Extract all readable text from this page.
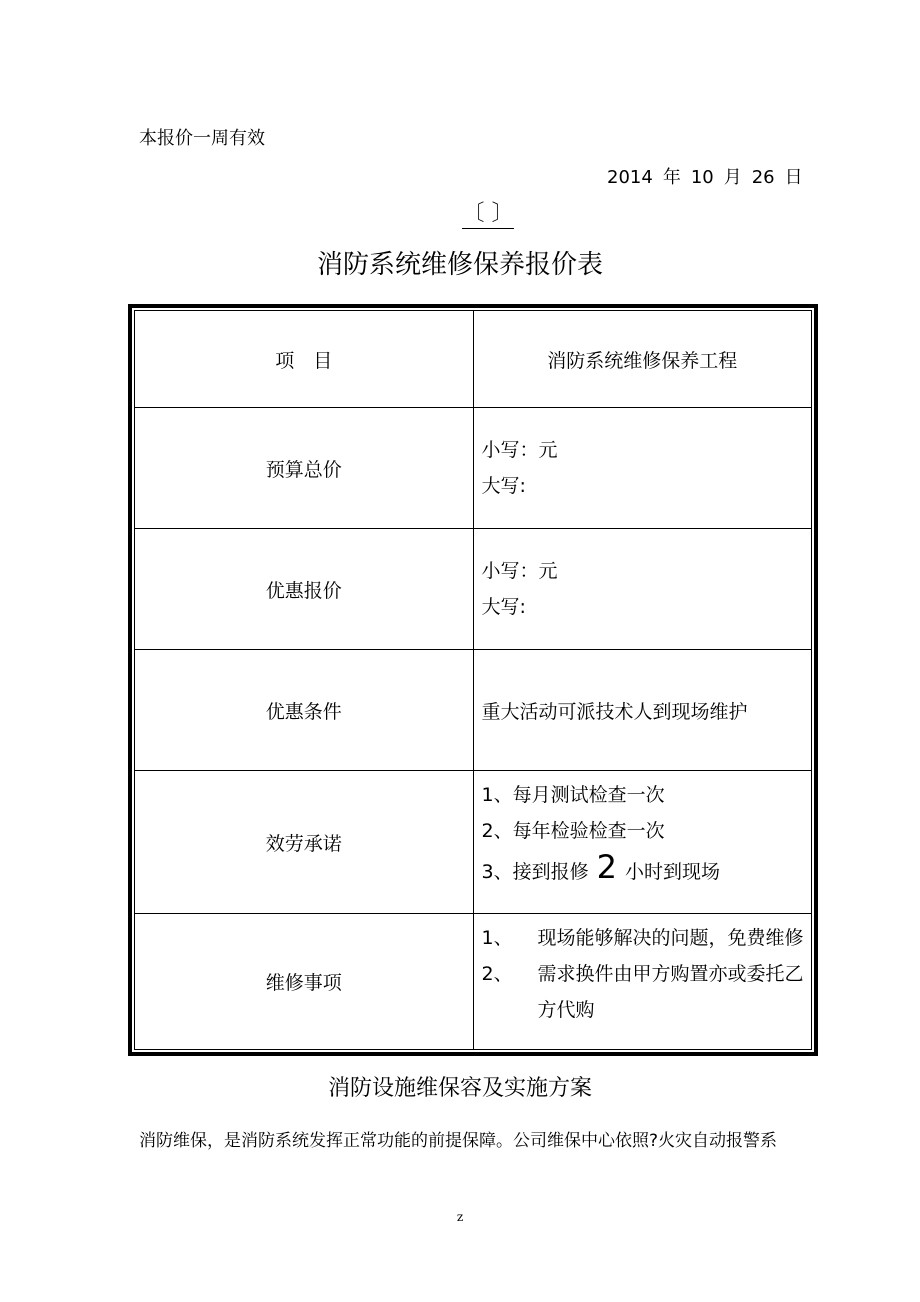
本报价一周有效
2014 年 10 月 26 日
〔 〕
消防系统维修保养报价表
项　目	消防系统维修保养工程
预算总价	小写：元
大写:

优惠报价	小写：元
大写:

优惠条件	重大活动可派技术人到现场维护
效劳承诺	1、每月测试检查一次
2、每年检验检查一次
3、接到报修 2 小时到现场

维修事项	1、 现场能够解决的问题，免费维修
2、 需求换件由甲方购置亦或委托乙
方代购
消防设施维保容及实施方案
消防维保，是消防系统发挥正常功能的前提保障。公司维保中心依照?火灾自动报警系
z
